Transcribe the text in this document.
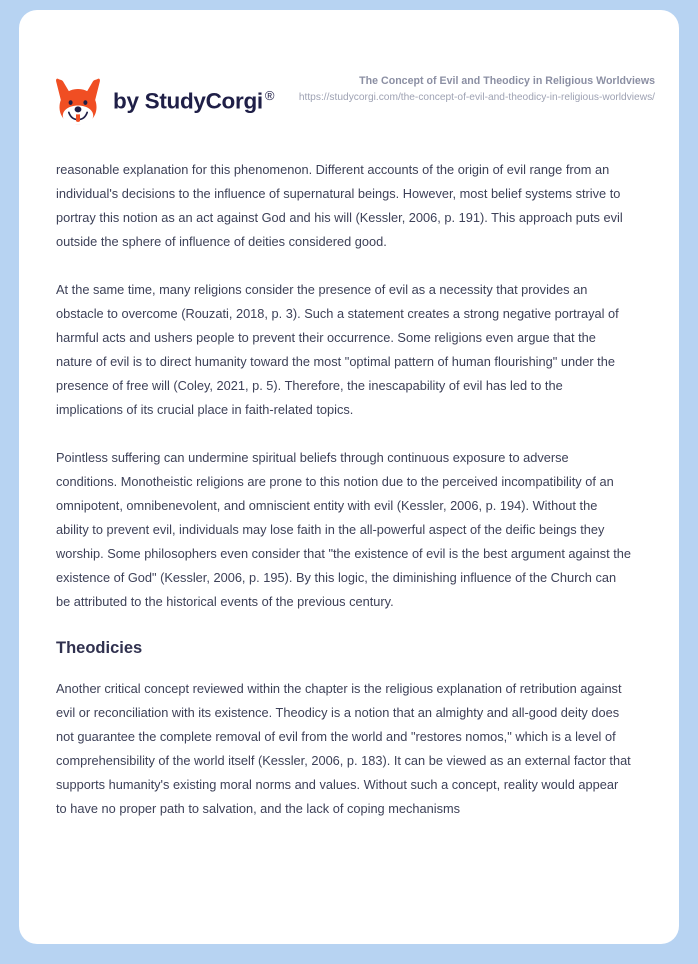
by StudyCorgi ®
The Concept of Evil and Theodicy in Religious Worldviews
https://studycorgi.com/the-concept-of-evil-and-theodicy-in-religious-worldviews/

reasonable explanation for this phenomenon. Different accounts of the origin of evil range from an individual's decisions to the influence of supernatural beings. However, most belief systems strive to portray this notion as an act against God and his will (Kessler, 2006, p. 191). This approach puts evil outside the sphere of influence of deities considered good.

At the same time, many religions consider the presence of evil as a necessity that provides an obstacle to overcome (Rouzati, 2018, p. 3). Such a statement creates a strong negative portrayal of harmful acts and ushers people to prevent their occurrence. Some religions even argue that the nature of evil is to direct humanity toward the most "optimal pattern of human flourishing" under the presence of free will (Coley, 2021, p. 5). Therefore, the inescapability of evil has led to the implications of its crucial place in faith-related topics.

Pointless suffering can undermine spiritual beliefs through continuous exposure to adverse conditions. Monotheistic religions are prone to this notion due to the perceived incompatibility of an omnipotent, omnibenevolent, and omniscient entity with evil (Kessler, 2006, p. 194). Without the ability to prevent evil, individuals may lose faith in the all-powerful aspect of the deific beings they worship. Some philosophers even consider that "the existence of evil is the best argument against the existence of God" (Kessler, 2006, p. 195). By this logic, the diminishing influence of the Church can be attributed to the historical events of the previous century.

Theodicies

Another critical concept reviewed within the chapter is the religious explanation of retribution against evil or reconciliation with its existence. Theodicy is a notion that an almighty and all-good deity does not guarantee the complete removal of evil from the world and "restores nomos," which is a level of comprehensibility of the world itself (Kessler, 2006, p. 183). It can be viewed as an external factor that supports humanity's existing moral norms and values. Without such a concept, reality would appear to have no proper path to salvation, and the lack of coping mechanisms
